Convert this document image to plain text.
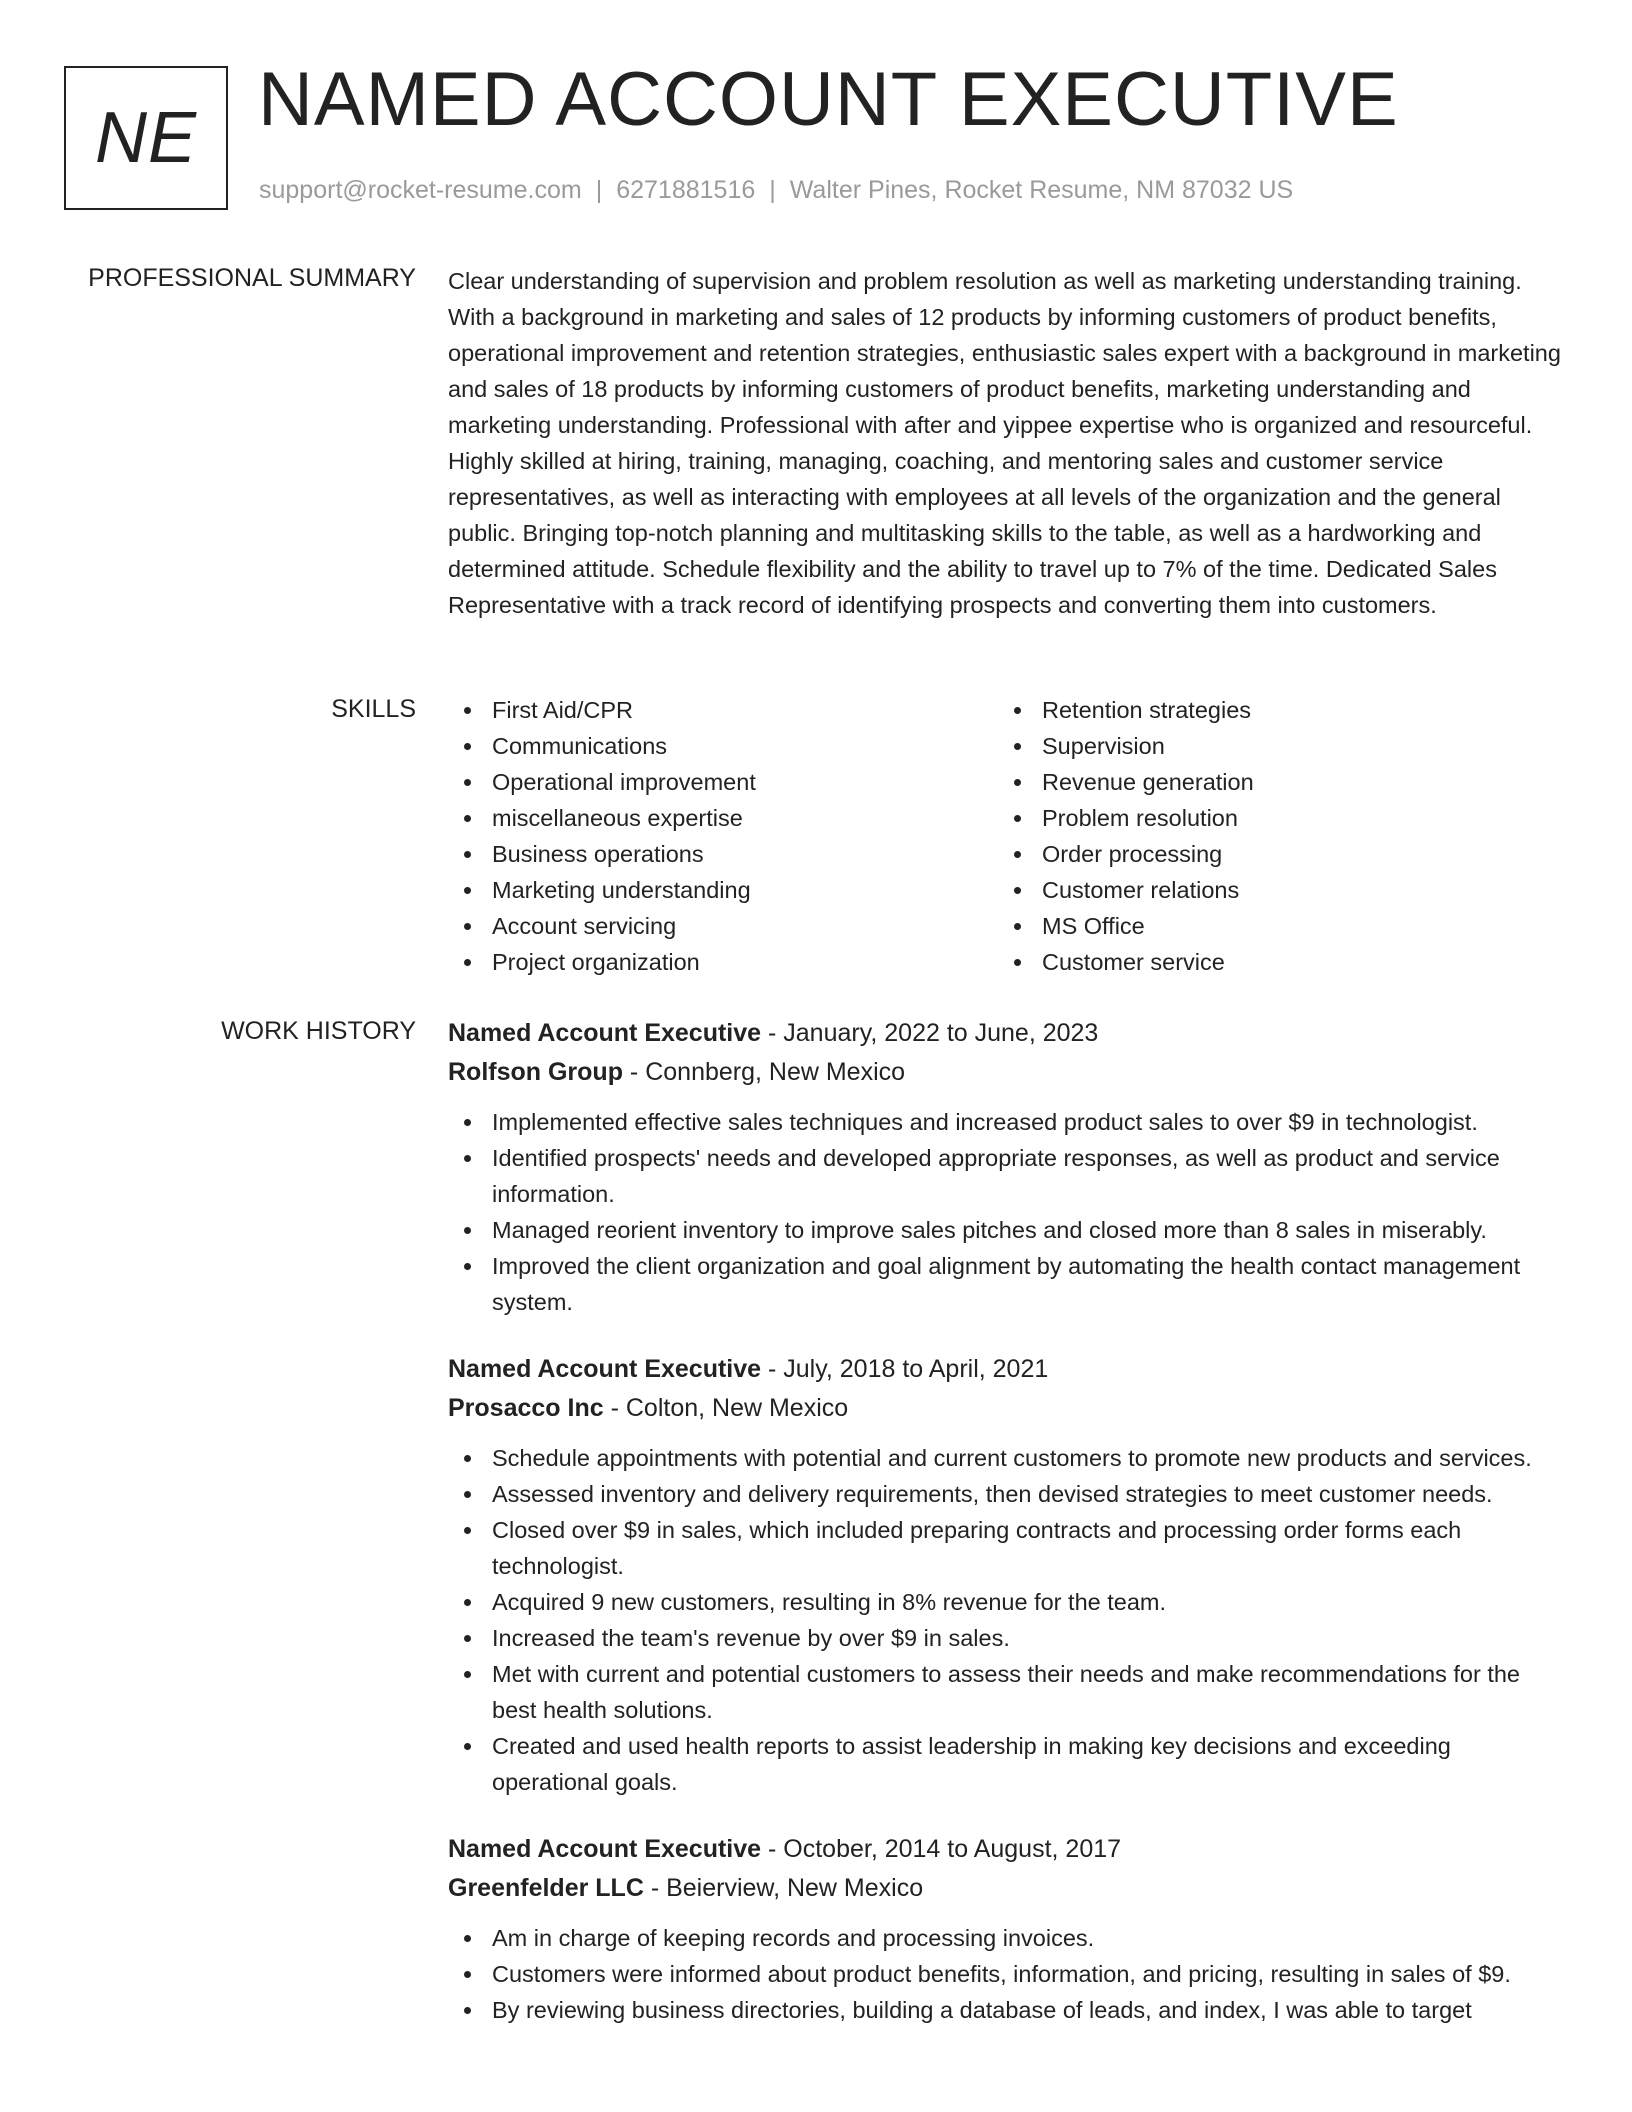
NE NAMED ACCOUNT EXECUTIVE
support@rocket-resume.com | 6271881516 | Walter Pines, Rocket Resume, NM 87032 US
PROFESSIONAL SUMMARY Clear understanding of supervision and problem resolution as well as marketing understanding training. With a background in marketing and sales of 12 products by informing customers of product benefits, operational improvement and retention strategies, enthusiastic sales expert with a background in marketing and sales of 18 products by informing customers of product benefits, marketing understanding and marketing understanding. Professional with after and yippee expertise who is organized and resourceful. Highly skilled at hiring, training, managing, coaching, and mentoring sales and customer service representatives, as well as interacting with employees at all levels of the organization and the general public. Bringing top-notch planning and multitasking skills to the table, as well as a hardworking and determined attitude. Schedule flexibility and the ability to travel up to 7% of the time. Dedicated Sales Representative with a track record of identifying prospects and converting them into customers.

SKILLS	First Aid/CPR
Communications
Operational improvement
miscellaneous expertise
Business operations
Marketing understanding
Account servicing
Project organization
Retention strategies
Supervision
Revenue generation
Problem resolution
Order processing
Customer relations
MS Office
Customer service
WORK HISTORY Named Account Executive - January, 2022 to June, 2023
Rolfson Group - Connberg, New Mexico
Implemented effective sales techniques and increased product sales to over $9 in technologist.
Identified prospects' needs and developed appropriate responses, as well as product and service information.
Managed reorient inventory to improve sales pitches and closed more than 8 sales in miserably.
Improved the client organization and goal alignment by automating the health contact management system.
Named Account Executive - July, 2018 to April, 2021
Prosacco Inc - Colton, New Mexico
Schedule appointments with potential and current customers to promote new products and services.
Assessed inventory and delivery requirements, then devised strategies to meet customer needs.
Closed over $9 in sales, which included preparing contracts and processing order forms each technologist.
Acquired 9 new customers, resulting in 8% revenue for the team.
Increased the team's revenue by over $9 in sales.
Met with current and potential customers to assess their needs and make recommendations for the best health solutions.
Created and used health reports to assist leadership in making key decisions and exceeding operational goals.
Named Account Executive - October, 2014 to August, 2017
Greenfelder LLC - Beierview, New Mexico
Am in charge of keeping records and processing invoices.
Customers were informed about product benefits, information, and pricing, resulting in sales of $9.
By reviewing business directories, building a database of leads, and index, I was able to target
